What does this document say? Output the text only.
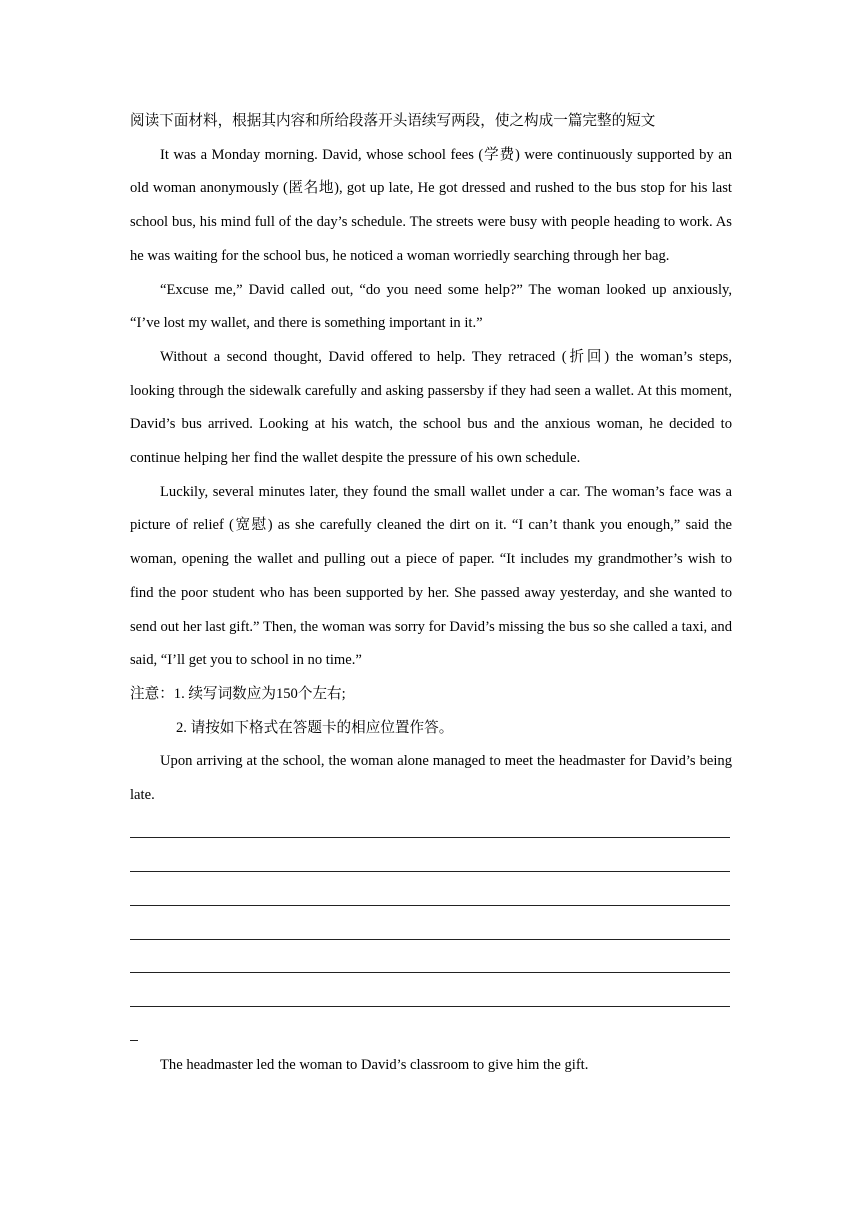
阅读下面材料，根据其内容和所给段落开头语续写两段，使之构成一篇完整的短文

It was a Monday morning. David, whose school fees (学费) were continuously supported by an old woman anonymously (匿名地), got up late, He got dressed and rushed to the bus stop for his last school bus, his mind full of the day’s schedule. The streets were busy with people heading to work. As he was waiting for the school bus, he noticed a woman worriedly searching through her bag.

“Excuse me,” David called out, “do you need some help?” The woman looked up anxiously, “I’ve lost my wallet, and there is something important in it.”

Without a second thought, David offered to help. They retraced (折回) the woman’s steps, looking through the sidewalk carefully and asking passersby if they had seen a wallet. At this moment, David’s bus arrived. Looking at his watch, the school bus and the anxious woman, he decided to continue helping her find the wallet despite the pressure of his own schedule.

Luckily, several minutes later, they found the small wallet under a car. The woman’s face was a picture of relief (宽慰) as she carefully cleaned the dirt on it. “I can’t thank you enough,” said the woman, opening the wallet and pulling out a piece of paper. “It includes my grandmother’s wish to find the poor student who has been supported by her. She passed away yesterday, and she wanted to send out her last gift.” Then, the woman was sorry for David’s missing the bus so she called a taxi, and said, “I’ll get you to school in no time.”

注意：1. 续写词数应为150个左右;

2. 请按如下格式在答题卡的相应位置作答。

Upon arriving at the school, the woman alone managed to meet the headmaster for David’s being late.

The headmaster led the woman to David’s classroom to give him the gift.
